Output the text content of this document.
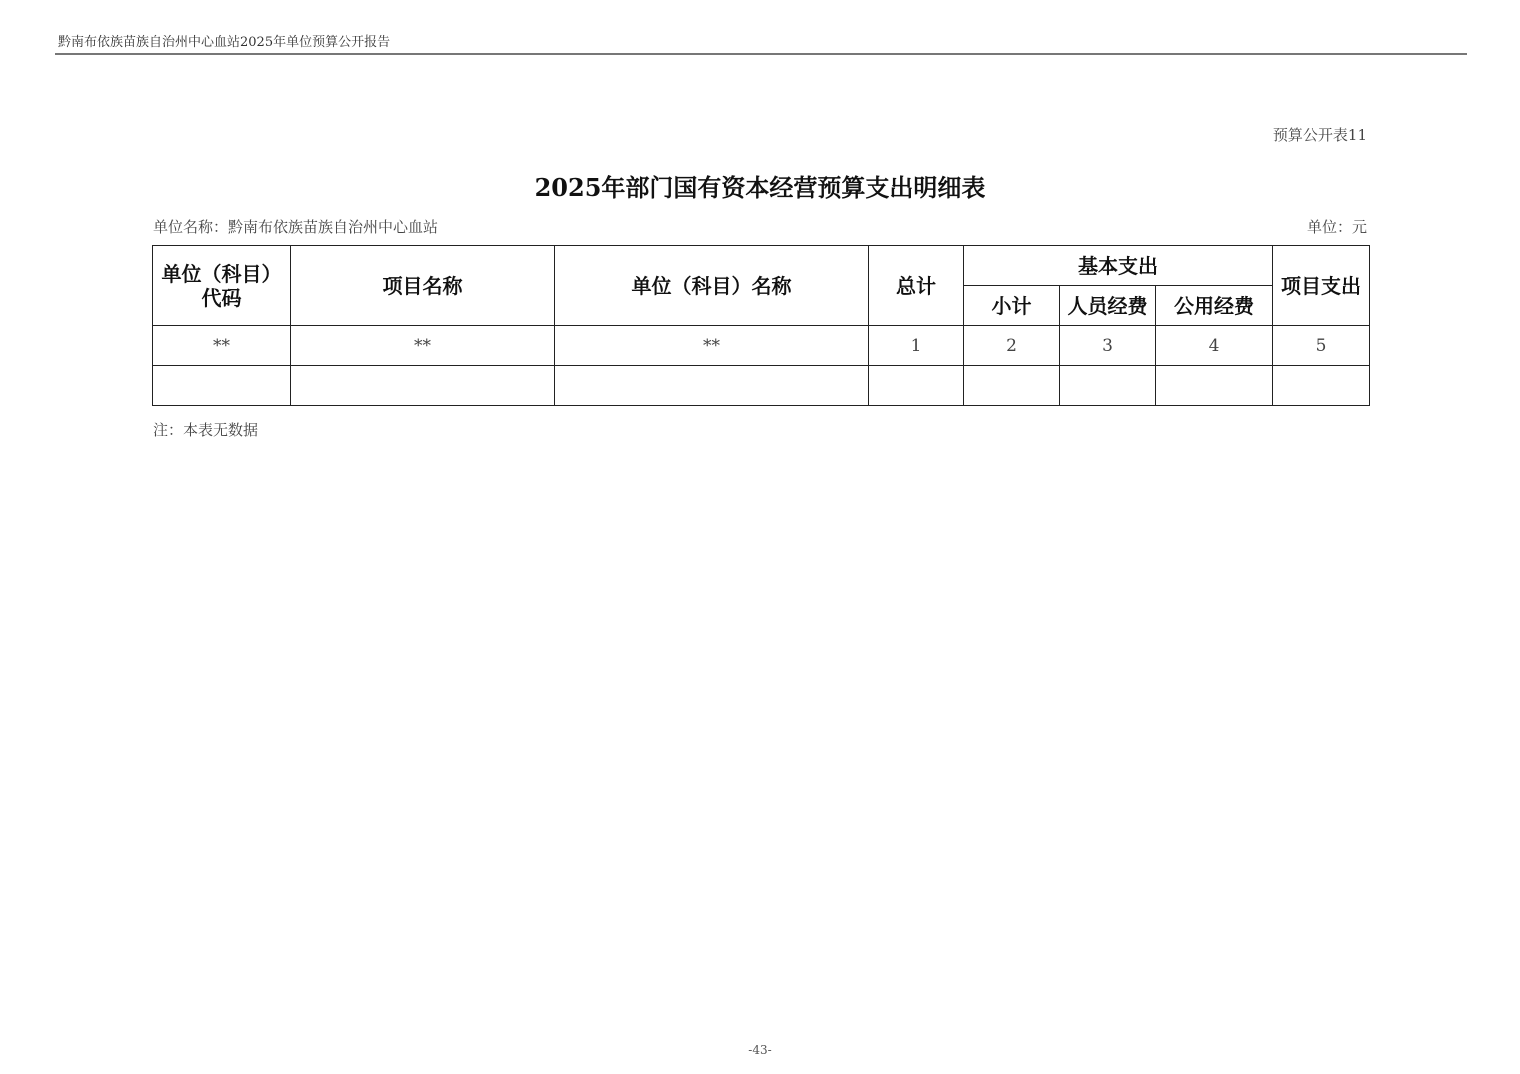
黔南布依族苗族自治州中心血站2025年单位预算公开报告
预算公开表11
2025年部门国有资本经营预算支出明细表
单位名称：黔南布依族苗族自治州中心血站	单位：元
单位（科目）代码	项目名称	单位（科目）名称	总计	基本支出			项目支出
				小计	人员经费	公用经费	
**	**	**	1	2	3	4	5

注：本表无数据
-43-
